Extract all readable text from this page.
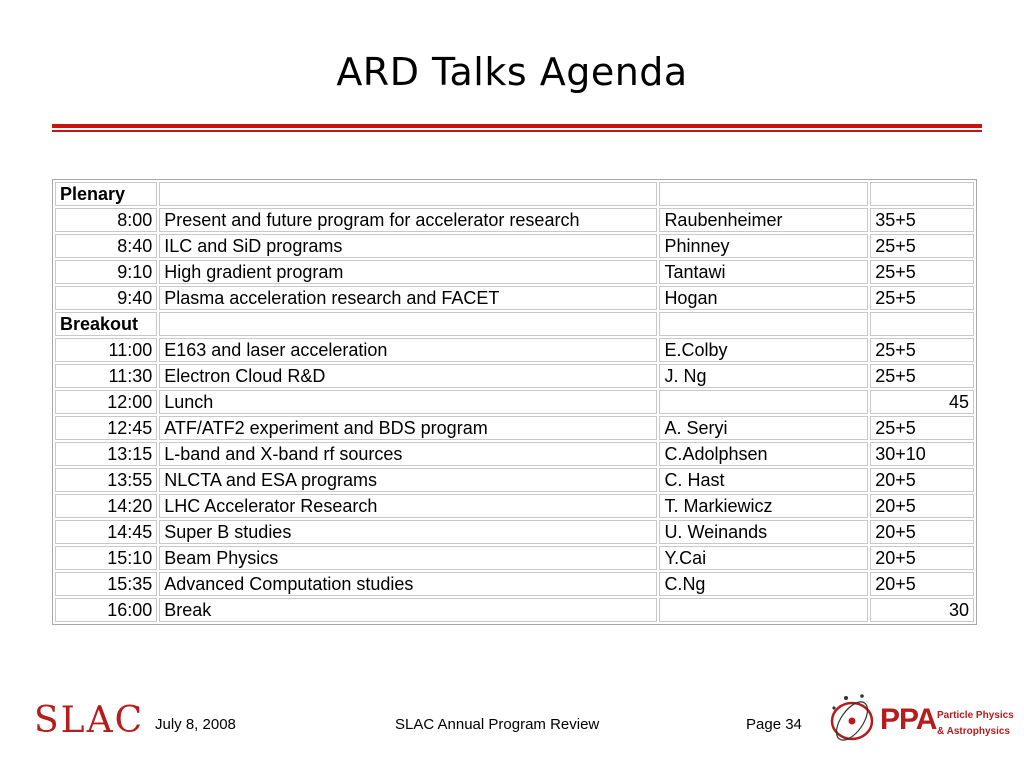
ARD Talks Agenda
Plenary			
8:00	Present and future program for accelerator research	Raubenheimer	35+5
8:40	ILC and SiD programs	Phinney	25+5
9:10	High gradient program	Tantawi	25+5
9:40	Plasma acceleration research and FACET	Hogan	25+5
Breakout			
11:00	E163 and laser acceleration	E.Colby	25+5
11:30	Electron Cloud R&D	J. Ng	25+5
12:00	Lunch		45
12:45	ATF/ATF2 experiment and BDS program	A. Seryi	25+5
13:15	L-band and X-band rf sources	C.Adolphsen	30+10
13:55	NLCTA and ESA programs	C. Hast	20+5
14:20	LHC Accelerator Research	T. Markiewicz	20+5
14:45	Super B studies	U. Weinands	20+5
15:10	Beam Physics	Y.Cai	20+5
15:35	Advanced Computation studies	C.Ng	20+5
16:00	Break		30
SLAC July 8, 2008	SLAC Annual Program Review	Page 34	PPA Particle Physics
& Astrophysics
